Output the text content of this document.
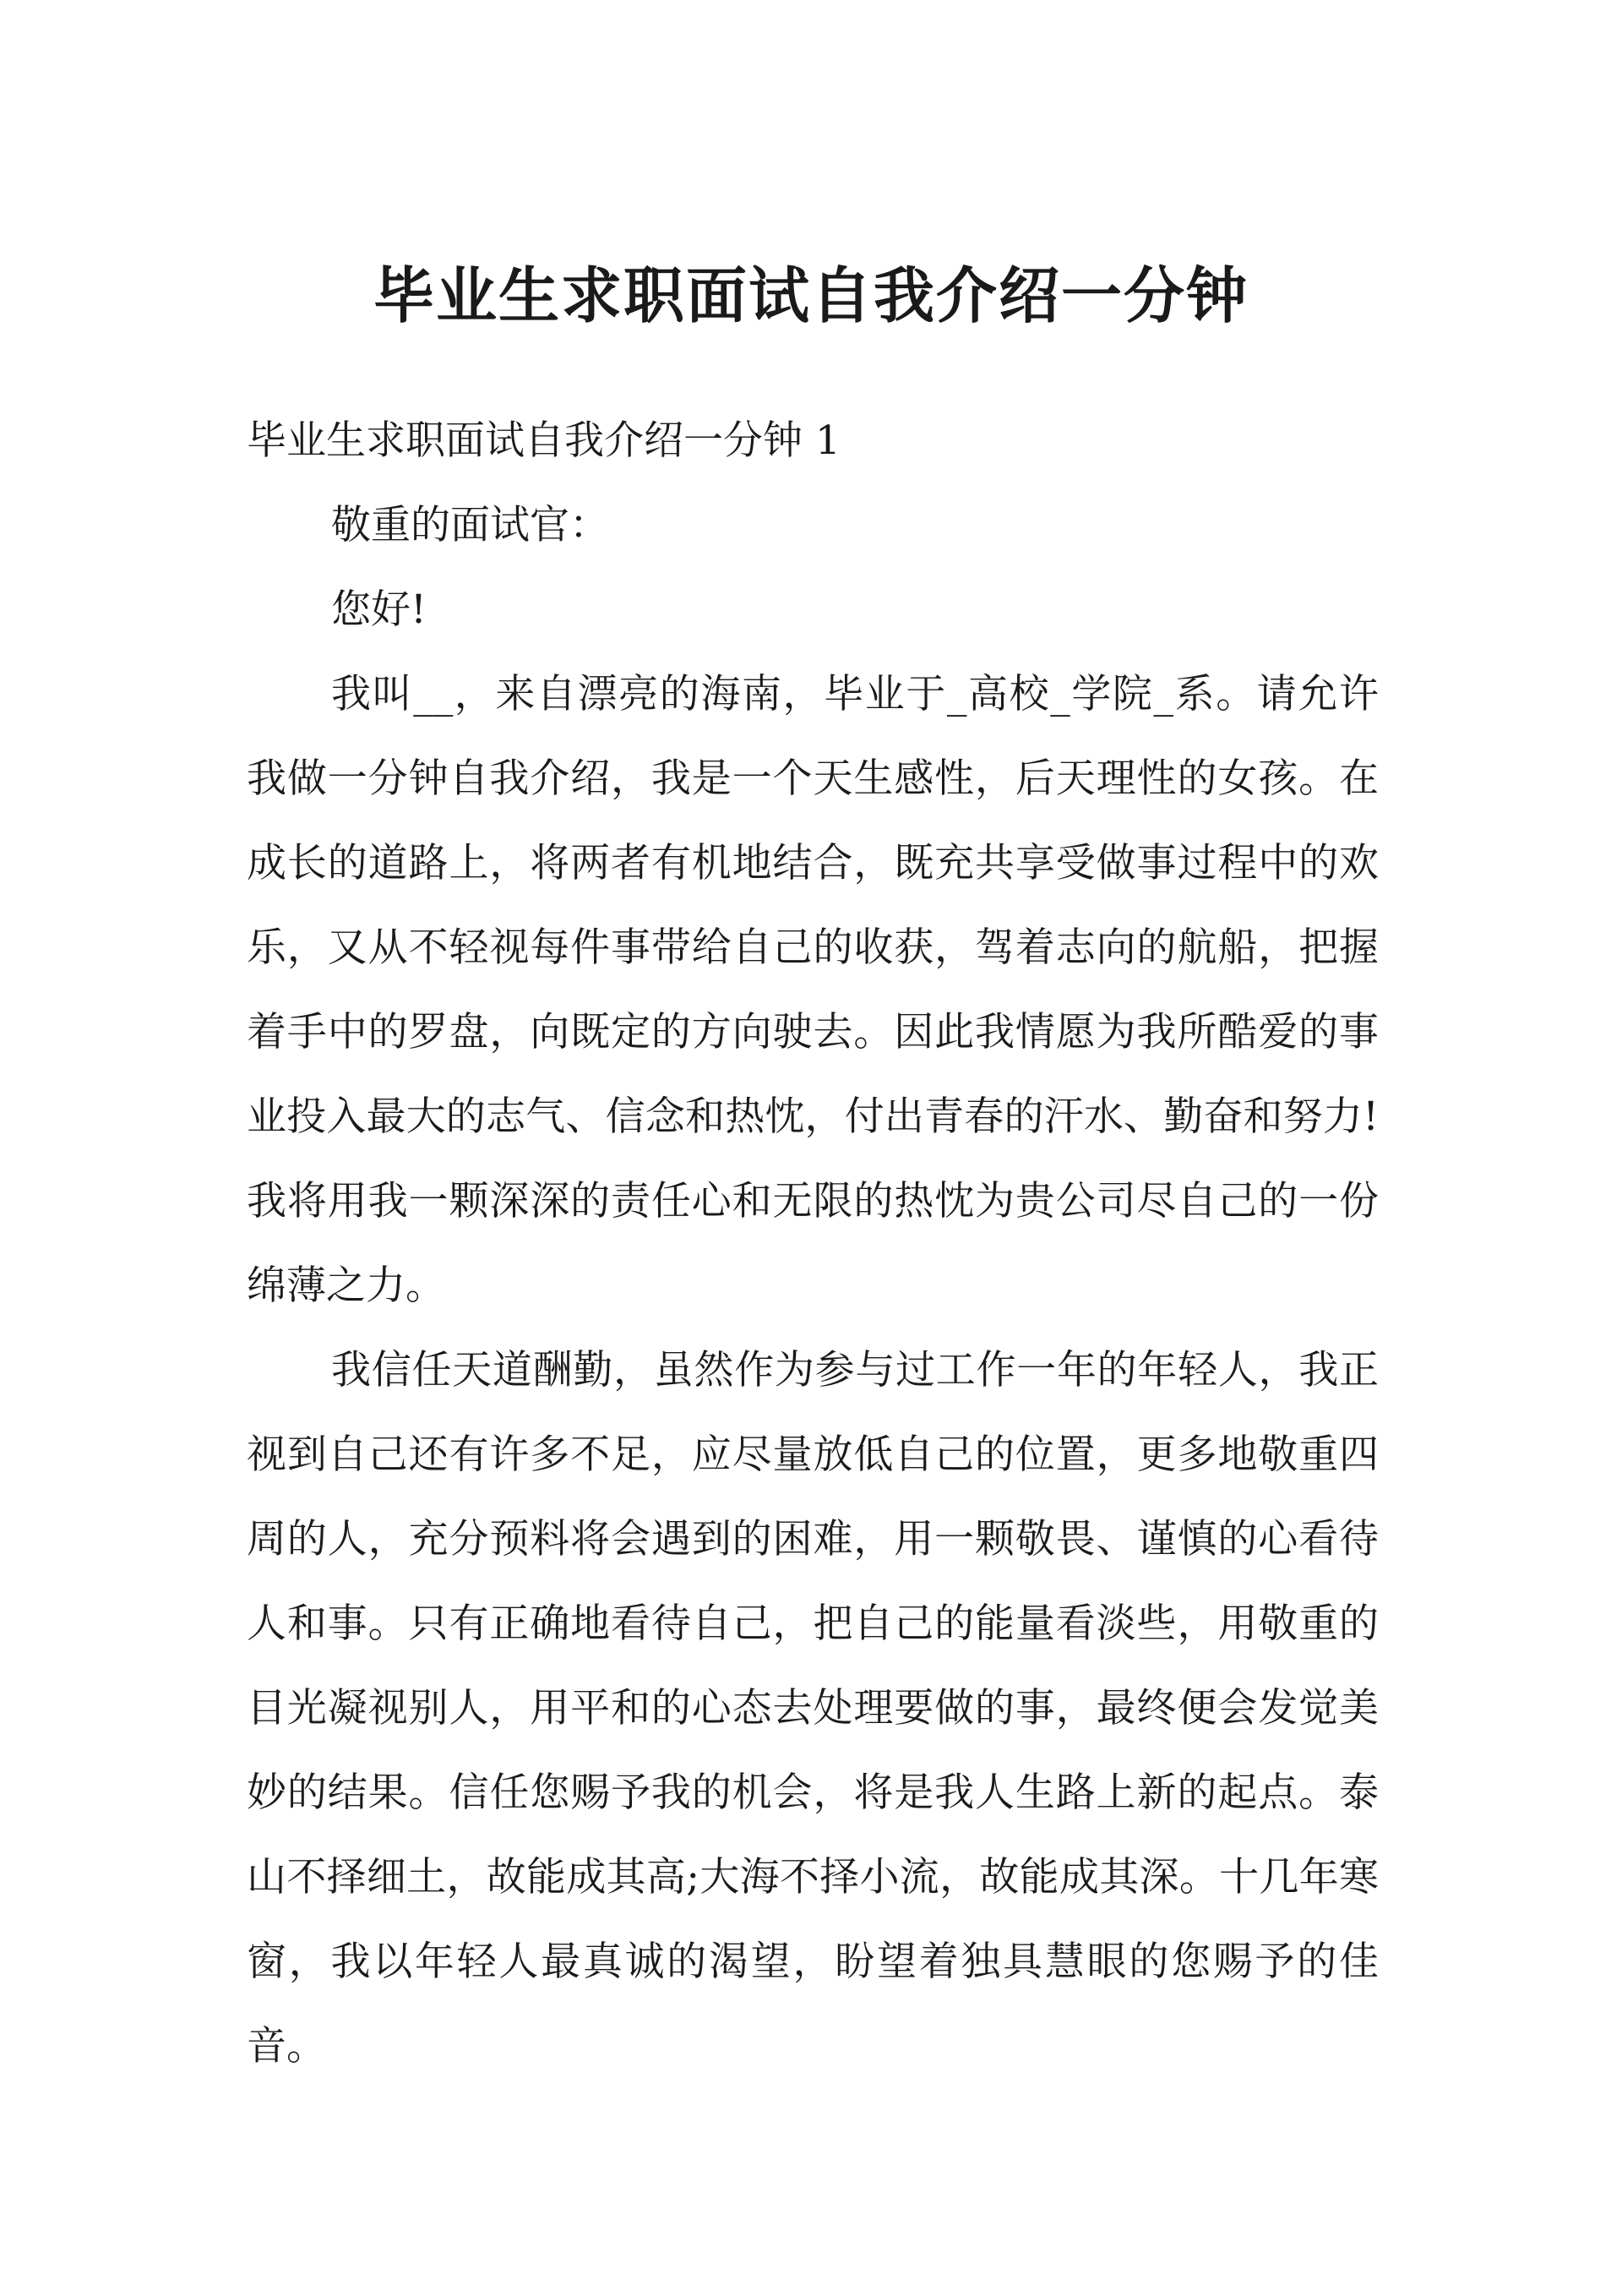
毕业生求职面试自我介绍一分钟

毕业生求职面试自我介绍一分钟 1

敬重的面试官：

您好!

我叫__，来自漂亮的海南，毕业于_高校_学院_系。请允许我做一分钟自我介绍，我是一个天生感性，后天理性的女孩。在成长的道路上，将两者有机地结合，既充共享受做事过程中的欢乐，又从不轻视每件事带给自己的收获，驾着志向的航船，把握着手中的罗盘，向既定的方向驶去。因此我情愿为我所酷爱的事业投入最大的志气、信念和热忱，付出青春的汗水、勤奋和努力!我将用我一颗深深的责任心和无限的热忱为贵公司尽自己的一份绵薄之力。

我信任天道酬勤，虽然作为参与过工作一年的年轻人，我正视到自己还有许多不足，应尽量放低自己的位置，更多地敬重四周的人，充分预料将会遇到的困难，用一颗敬畏、谨慎的心看待人和事。只有正确地看待自己，把自己的能量看淡些，用敬重的目光凝视别人，用平和的心态去处理要做的事，最终便会发觉美妙的结果。信任您赐予我的机会，将是我人生路上新的起点。泰山不择细土，故能成其高;大海不择小流，故能成其深。十几年寒窗，我以年轻人最真诚的渴望，盼望着独具慧眼的您赐予的佳音。
